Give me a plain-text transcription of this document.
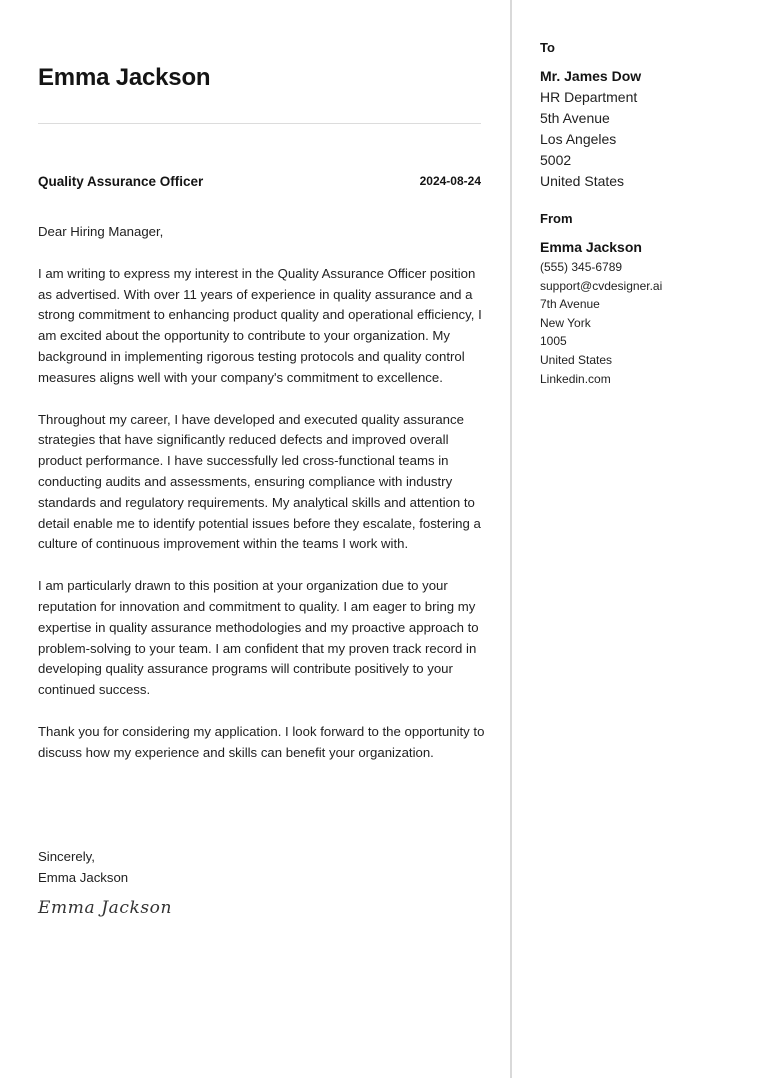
Emma Jackson
Quality Assurance Officer	2024-08-24

Dear Hiring Manager,

I am writing to express my interest in the Quality Assurance Officer position as advertised. With over 11 years of experience in quality assurance and a strong commitment to enhancing product quality and operational efficiency, I am excited about the opportunity to contribute to your organization. My background in implementing rigorous testing protocols and quality control measures aligns well with your company's commitment to excellence.

Throughout my career, I have developed and executed quality assurance strategies that have significantly reduced defects and improved overall product performance. I have successfully led cross-functional teams in conducting audits and assessments, ensuring compliance with industry standards and regulatory requirements. My analytical skills and attention to detail enable me to identify potential issues before they escalate, fostering a culture of continuous improvement within the teams I work with.

I am particularly drawn to this position at your organization due to your reputation for innovation and commitment to quality. I am eager to bring my expertise in quality assurance methodologies and my proactive approach to problem-solving to your team. I am confident that my proven track record in developing quality assurance programs will contribute positively to your continued success.

Thank you for considering my application. I look forward to the opportunity to discuss how my experience and skills can benefit your organization.

Sincerely,
Emma Jackson
Emma Jackson
To
Mr. James Dow
HR Department
5th Avenue
Los Angeles
5002
United States
From
Emma Jackson
(555) 345-6789
support@cvdesigner.ai
7th Avenue
New York
1005
United States
Linkedin.com
